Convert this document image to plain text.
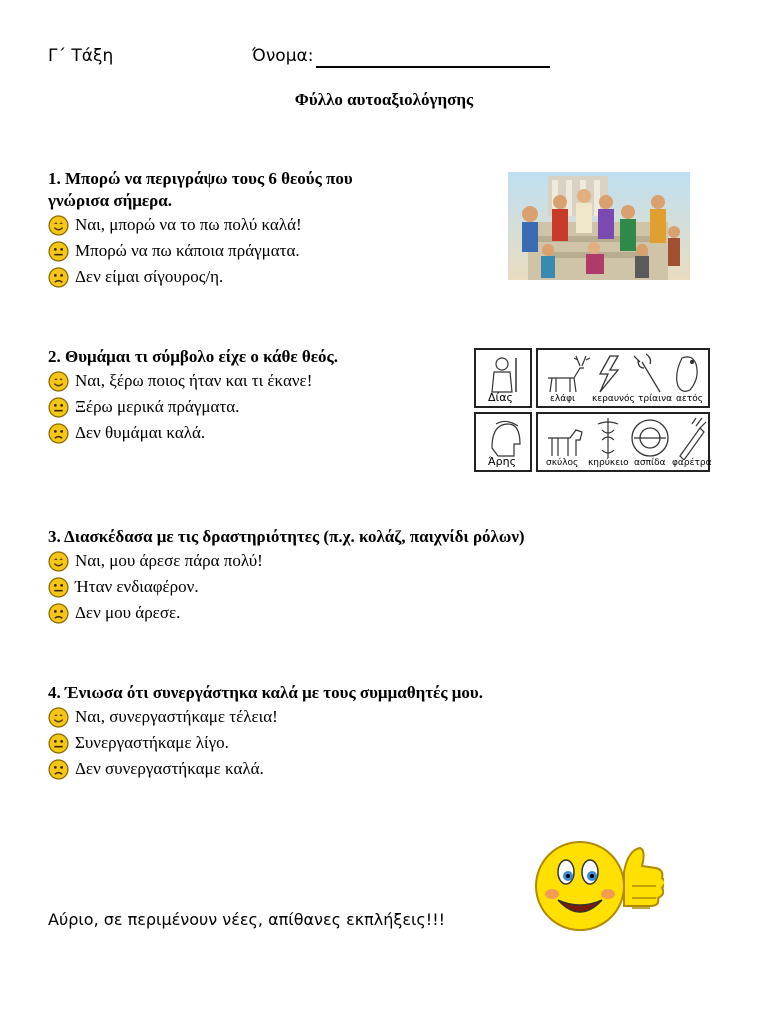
Γ΄ Τάξη	Όνομα:
Φύλλο αυτοαξιολόγησης
1. Μπορώ να περιγράψω τους 6 θεούς που
γνώρισα σήμερα.
Ναι, μπορώ να το πω πολύ καλά!
Μπορώ να πω κάποια πράγματα.
Δεν είμαι σίγουρος/η.
2. Θυμάμαι τι σύμβολο είχε ο κάθε θεός.
Ναι, ξέρω ποιος ήταν και τι έκανε!
Ξέρω μερικά πράγματα.
Δεν θυμάμαι καλά.
Δίας	ελάφι κεραυνός τρίαινα αετός
Άρης	σκύλος κηρύκειο ασπίδα φαρέτρα
3. Διασκέδασα με τις δραστηριότητες (π.χ. κολάζ, παιχνίδι ρόλων)
Ναι, μου άρεσε πάρα πολύ!
Ήταν ενδιαφέρον.
Δεν μου άρεσε.
4. Ένιωσα ότι συνεργάστηκα καλά με τους συμμαθητές μου.
Ναι, συνεργαστήκαμε τέλεια!
Συνεργαστήκαμε λίγο.
Δεν συνεργαστήκαμε καλά.
Αύριο, σε περιμένουν νέες, απίθανες εκπλήξεις!!!
